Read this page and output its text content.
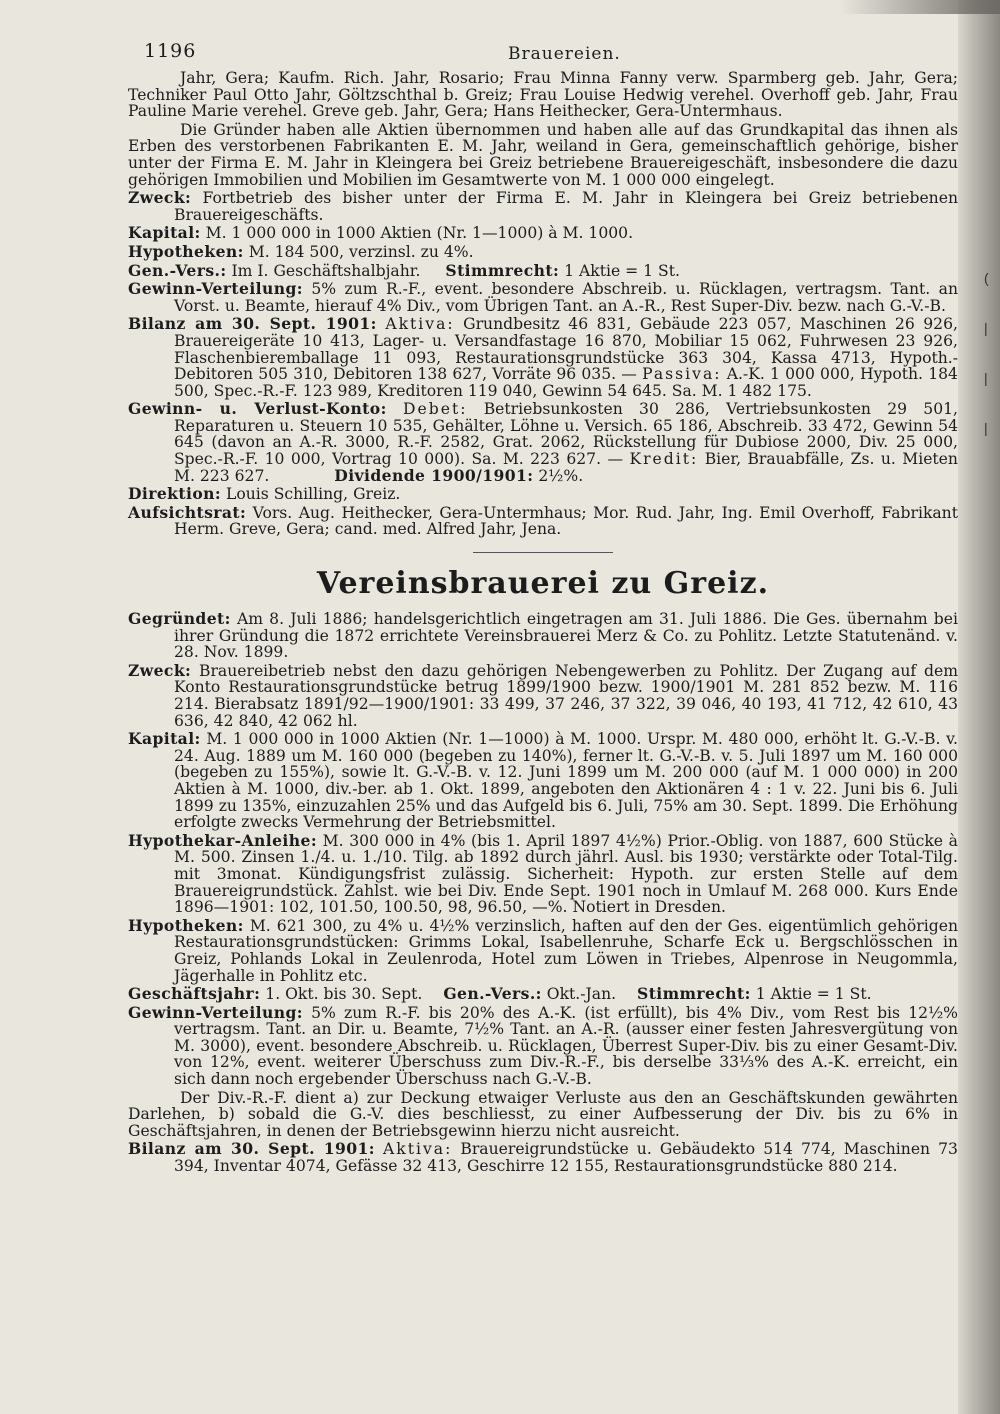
(
|
|
|
1196	Brauereien.

Jahr, Gera; Kaufm. Rich. Jahr, Rosario; Frau Minna Fanny verw. Sparmberg geb. Jahr, Gera; Techniker Paul Otto Jahr, Göltzschthal b. Greiz; Frau Louise Hedwig verehel. Overhoff geb. Jahr, Frau Pauline Marie verehel. Greve geb. Jahr, Gera; Hans Heithecker, Gera-Untermhaus.

Die Gründer haben alle Aktien übernommen und haben alle auf das Grundkapital das ihnen als Erben des verstorbenen Fabrikanten E. M. Jahr, weiland in Gera, gemeinschaftlich gehörige, bisher unter der Firma E. M. Jahr in Kleingera bei Greiz betriebene Brauereigeschäft, insbesondere die dazu gehörigen Immobilien und Mobilien im Gesamtwerte von M. 1 000 000 eingelegt.

Zweck: Fortbetrieb des bisher unter der Firma E. M. Jahr in Kleingera bei Greiz betriebenen Brauereigeschäfts.

Kapital: M. 1 000 000 in 1000 Aktien (Nr. 1—1000) à M. 1000.

Hypotheken: M. 184 500, verzinsl. zu 4%.

Gen.-Vers.: Im I. Geschäftshalbjahr. Stimmrecht: 1 Aktie = 1 St.

Gewinn-Verteilung: 5% zum R.-F., event. besondere Abschreib. u. Rücklagen, vertragsm. Tant. an Vorst. u. Beamte, hierauf 4% Div., vom Übrigen Tant. an A.-R., Rest Super-Div. bezw. nach G.-V.-B.

Bilanz am 30. Sept. 1901: Aktiva: Grundbesitz 46 831, Gebäude 223 057, Maschinen 26 926, Brauereigeräte 10 413, Lager- u. Versandfastage 16 870, Mobiliar 15 062, Fuhrwesen 23 926, Flaschenbieremballage 11 093, Restaurationsgrundstücke 363 304, Kassa 4713, Hypoth.-Debitoren 505 310, Debitoren 138 627, Vorräte 96 035. — Passiva: A.-K. 1 000 000, Hypoth. 184 500, Spec.-R.-F. 123 989, Kreditoren 119 040, Gewinn 54 645. Sa. M. 1 482 175.

Gewinn- u. Verlust-Konto: Debet: Betriebsunkosten 30 286, Vertriebsunkosten 29 501, Reparaturen u. Steuern 10 535, Gehälter, Löhne u. Versich. 65 186, Abschreib. 33 472, Gewinn 54 645 (davon an A.-R. 3000, R.-F. 2582, Grat. 2062, Rückstellung für Dubiose 2000, Div. 25 000, Spec.-R.-F. 10 000, Vortrag 10 000). Sa. M. 223 627. — Kredit: Bier, Brauabfälle, Zs. u. Mieten M. 223 627.	Dividende 1900/1901: 2½%.

Direktion: Louis Schilling, Greiz.

Aufsichtsrat: Vors. Aug. Heithecker, Gera-Untermhaus; Mor. Rud. Jahr, Ing. Emil Overhoff, Fabrikant Herm. Greve, Gera; cand. med. Alfred Jahr, Jena.

Vereinsbrauerei zu Greiz.

Gegründet: Am 8. Juli 1886; handelsgerichtlich eingetragen am 31. Juli 1886. Die Ges. übernahm bei ihrer Gründung die 1872 errichtete Vereinsbrauerei Merz & Co. zu Pohlitz. Letzte Statutenänd. v. 28. Nov. 1899.

Zweck: Brauereibetrieb nebst den dazu gehörigen Nebengewerben zu Pohlitz. Der Zugang auf dem Konto Restaurationsgrundstücke betrug 1899/1900 bezw. 1900/1901 M. 281 852 bezw. M. 116 214. Bierabsatz 1891/92—1900/1901: 33 499, 37 246, 37 322, 39 046, 40 193, 41 712, 42 610, 43 636, 42 840, 42 062 hl.

Kapital: M. 1 000 000 in 1000 Aktien (Nr. 1—1000) à M. 1000. Urspr. M. 480 000, erhöht lt. G.-V.-B. v. 24. Aug. 1889 um M. 160 000 (begeben zu 140%), ferner lt. G.-V.-B. v. 5. Juli 1897 um M. 160 000 (begeben zu 155%), sowie lt. G.-V.-B. v. 12. Juni 1899 um M. 200 000 (auf M. 1 000 000) in 200 Aktien à M. 1000, div.-ber. ab 1. Okt. 1899, angeboten den Aktionären 4 : 1 v. 22. Juni bis 6. Juli 1899 zu 135%, einzuzahlen 25% und das Aufgeld bis 6. Juli, 75% am 30. Sept. 1899. Die Erhöhung erfolgte zwecks Vermehrung der Betriebsmittel.

Hypothekar-Anleihe: M. 300 000 in 4% (bis 1. April 1897 4½%) Prior.-Oblig. von 1887, 600 Stücke à M. 500. Zinsen 1./4. u. 1./10. Tilg. ab 1892 durch jährl. Ausl. bis 1930; verstärkte oder Total-Tilg. mit 3monat. Kündigungsfrist zulässig. Sicherheit: Hypoth. zur ersten Stelle auf dem Brauereigrundstück. Zahlst. wie bei Div. Ende Sept. 1901 noch in Umlauf M. 268 000. Kurs Ende 1896—1901: 102, 101.50, 100.50, 98, 96.50, —%. Notiert in Dresden.

Hypotheken: M. 621 300, zu 4% u. 4½% verzinslich, haften auf den der Ges. eigentümlich gehörigen Restaurationsgrundstücken: Grimms Lokal, Isabellenruhe, Scharfe Eck u. Bergschlösschen in Greiz, Pohlands Lokal in Zeulenroda, Hotel zum Löwen in Triebes, Alpenrose in Neugommla, Jägerhalle in Pohlitz etc.

Geschäftsjahr: 1. Okt. bis 30. Sept. Gen.-Vers.: Okt.-Jan. Stimmrecht: 1 Aktie = 1 St.

Gewinn-Verteilung: 5% zum R.-F. bis 20% des A.-K. (ist erfüllt), bis 4% Div., vom Rest bis 12½% vertragsm. Tant. an Dir. u. Beamte, 7½% Tant. an A.-R. (ausser einer festen Jahresvergütung von M. 3000), event. besondere Abschreib. u. Rücklagen, Überrest Super-Div. bis zu einer Gesamt-Div. von 12%, event. weiterer Überschuss zum Div.-R.-F., bis derselbe 33⅓% des A.-K. erreicht, ein sich dann noch ergebender Überschuss nach G.-V.-B.

Der Div.-R.-F. dient a) zur Deckung etwaiger Verluste aus den an Geschäftskunden gewährten Darlehen, b) sobald die G.-V. dies beschliesst, zu einer Aufbesserung der Div. bis zu 6% in Geschäftsjahren, in denen der Betriebsgewinn hierzu nicht ausreicht.

Bilanz am 30. Sept. 1901: Aktiva: Brauereigrundstücke u. Gebäudekto 514 774, Maschinen 73 394, Inventar 4074, Gefässe 32 413, Geschirre 12 155, Restaurationsgrundstücke 880 214.
